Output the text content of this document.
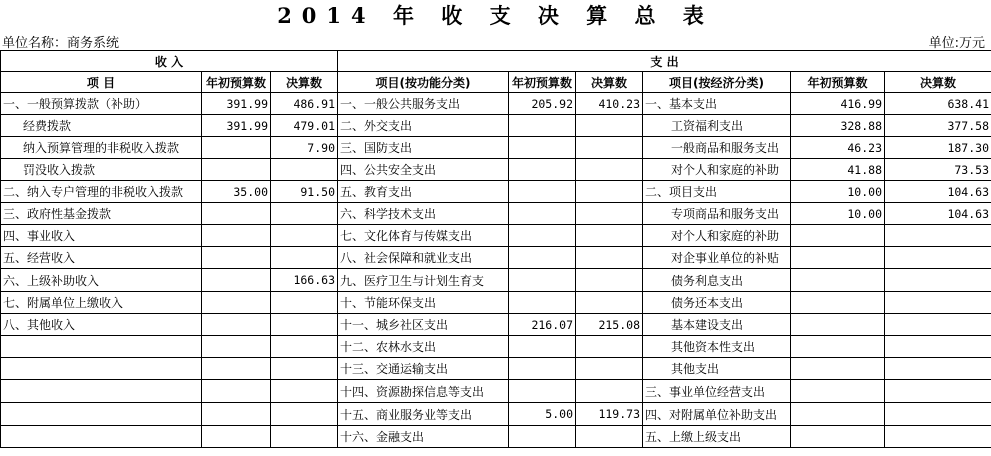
2014 年 收 支 决 算 总 表
单位名称：商务系统	单位:万元
收 入			支 出					
项 目	年初预算数	决算数	项目(按功能分类)	年初预算数	决算数	项目(按经济分类)	年初预算数	决算数
一、一般预算拨款（补助）	391.99	486.91	一、一般公共服务支出	205.92	410.23	一、基本支出	416.99	638.41
经费拨款	391.99	479.01	二、外交支出			工资福利支出	328.88	377.58
纳入预算管理的非税收入拨款		7.90	三、国防支出			一般商品和服务支出	46.23	187.30
罚没收入拨款			四、公共安全支出			对个人和家庭的补助	41.88	73.53
二、纳入专户管理的非税收入拨款	35.00	91.50	五、教育支出			二、项目支出	10.00	104.63
三、政府性基金拨款			六、科学技术支出			专项商品和服务支出	10.00	104.63
四、事业收入			七、文化体育与传媒支出			对个人和家庭的补助		
五、经营收入			八、社会保障和就业支出			对企事业单位的补贴		
六、上级补助收入		166.63	九、医疗卫生与计划生育支			债务利息支出		
七、附属单位上缴收入			十、节能环保支出			债务还本支出		
八、其他收入			十一、城乡社区支出	216.07	215.08	基本建设支出		
			十二、农林水支出			其他资本性支出		
			十三、交通运输支出			其他支出		
			十四、资源勘探信息等支出			三、事业单位经营支出		
			十五、商业服务业等支出	5.00	119.73	四、对附属单位补助支出		
			十六、金融支出			五、上缴上级支出		
